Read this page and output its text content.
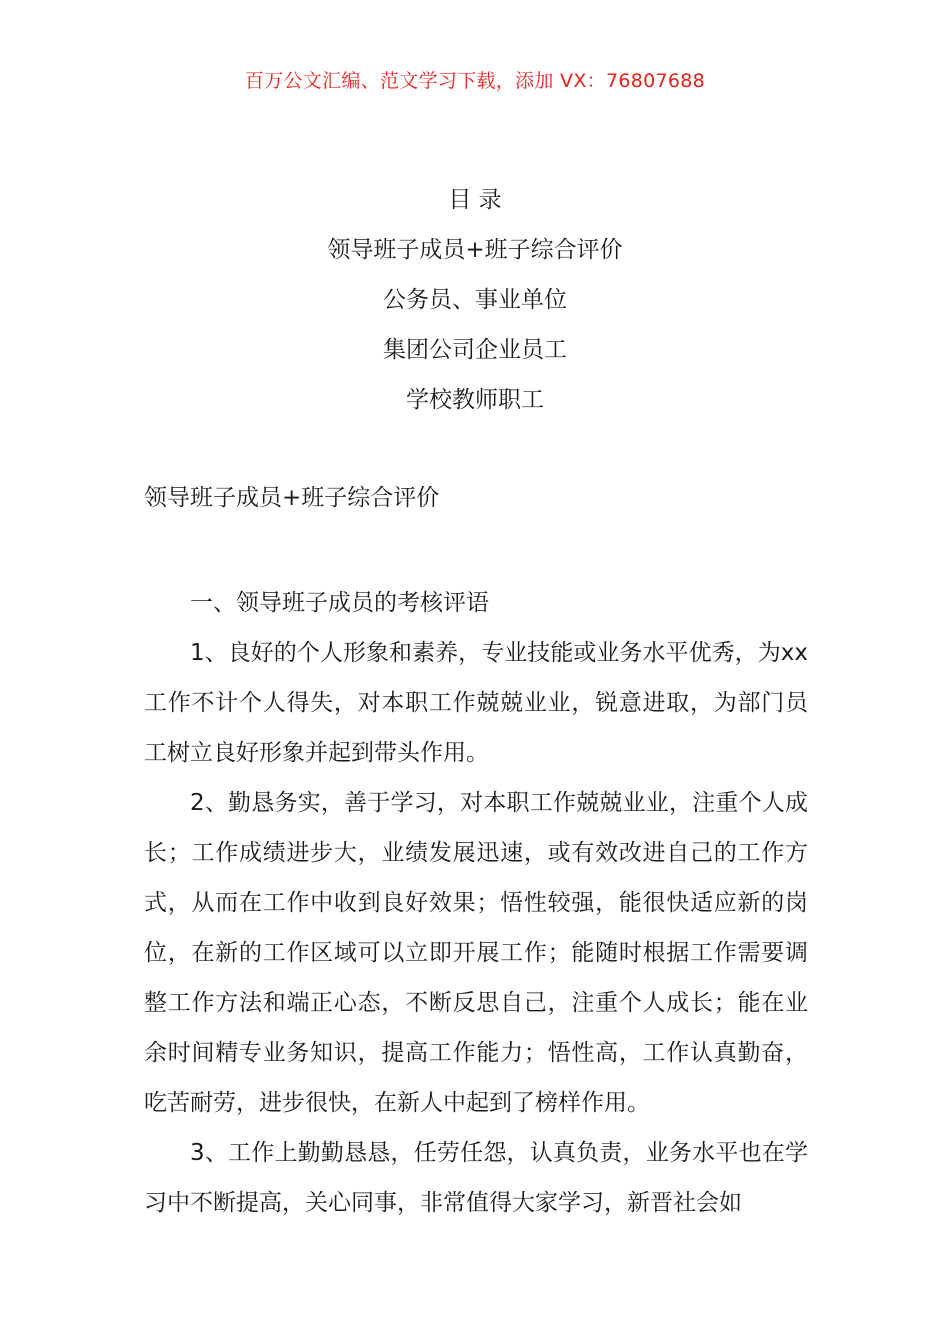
百万公文汇编、范文学习下载，添加 VX：76807688
目 录
领导班子成员+班子综合评价
公务员、事业单位
集团公司企业员工
学校教师职工
领导班子成员+班子综合评价

一、领导班子成员的考核评语

1、良好的个人形象和素养，专业技能或业务水平优秀，为xx工作不计个人得失，对本职工作兢兢业业，锐意进取，为部门员工树立良好形象并起到带头作用。

2、勤恳务实，善于学习，对本职工作兢兢业业，注重个人成长；工作成绩进步大，业绩发展迅速，或有效改进自己的工作方式，从而在工作中收到良好效果；悟性较强，能很快适应新的岗位，在新的工作区域可以立即开展工作；能随时根据工作需要调整工作方法和端正心态，不断反思自己，注重个人成长；能在业余时间精专业务知识，提高工作能力；悟性高，工作认真勤奋，吃苦耐劳，进步很快，在新人中起到了榜样作用。

3、工作上勤勤恳恳，任劳任怨，认真负责，业务水平也在学习中不断提高，关心同事，非常值得大家学习，新晋社会如
